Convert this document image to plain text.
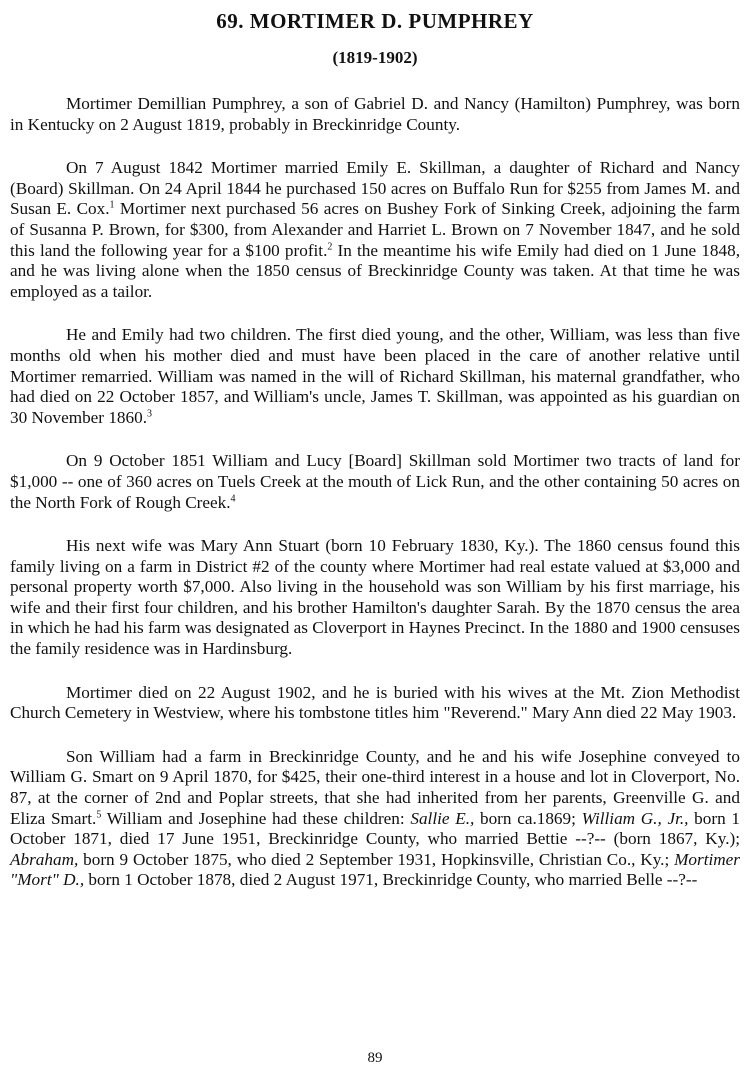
69. MORTIMER D. PUMPHREY
(1819-1902)

Mortimer Demillian Pumphrey, a son of Gabriel D. and Nancy (Hamilton) Pumphrey, was born in Kentucky on 2 August 1819, probably in Breckinridge County.

On 7 August 1842 Mortimer married Emily E. Skillman, a daughter of Richard and Nancy (Board) Skillman. On 24 April 1844 he purchased 150 acres on Buffalo Run for $255 from James M. and Susan E. Cox.$^1$ Mortimer next purchased 56 acres on Bushey Fork of Sinking Creek, adjoining the farm of Susanna P. Brown, for $300, from Alexander and Harriet L. Brown on 7 November 1847, and he sold this land the following year for a $100 profit.$^2$ In the meantime his wife Emily had died on 1 June 1848, and he was living alone when the 1850 census of Breckinridge County was taken. At that time he was employed as a tailor.

He and Emily had two children. The first died young, and the other, William, was less than five months old when his mother died and must have been placed in the care of another relative until Mortimer remarried. William was named in the will of Richard Skillman, his maternal grandfather, who had died on 22 October 1857, and William's uncle, James T. Skillman, was appointed as his guardian on 30 November 1860.$^3$

On 9 October 1851 William and Lucy [Board] Skillman sold Mortimer two tracts of land for $1,000 -- one of 360 acres on Tuels Creek at the mouth of Lick Run, and the other containing 50 acres on the North Fork of Rough Creek.$^4$

His next wife was Mary Ann Stuart (born 10 February 1830, Ky.). The 1860 census found this family living on a farm in District #2 of the county where Mortimer had real estate valued at $3,000 and personal property worth $7,000. Also living in the household was son William by his first marriage, his wife and their first four children, and his brother Hamilton's daughter Sarah. By the 1870 census the area in which he had his farm was designated as Cloverport in Haynes Precinct. In the 1880 and 1900 censuses the family residence was in Hardinsburg.

Mortimer died on 22 August 1902, and he is buried with his wives at the Mt. Zion Methodist Church Cemetery in Westview, where his tombstone titles him "Reverend." Mary Ann died 22 May 1903.

Son William had a farm in Breckinridge County, and he and his wife Josephine conveyed to William G. Smart on 9 April 1870, for $425, their one-third interest in a house and lot in Cloverport, No. 87, at the corner of 2nd and Poplar streets, that she had inherited from her parents, Greenville G. and Eliza Smart.$^5$ William and Josephine had these children: Sallie E., born ca.1869; William G., Jr., born 1 October 1871, died 17 June 1951, Breckinridge County, who married Bettie --?-- (born 1867, Ky.); Abraham, born 9 October 1875, who died 2 September 1931, Hopkinsville, Christian Co., Ky.; Mortimer "Mort" D., born 1 October 1878, died 2 August 1971, Breckinridge County, who married Belle --?--

89
